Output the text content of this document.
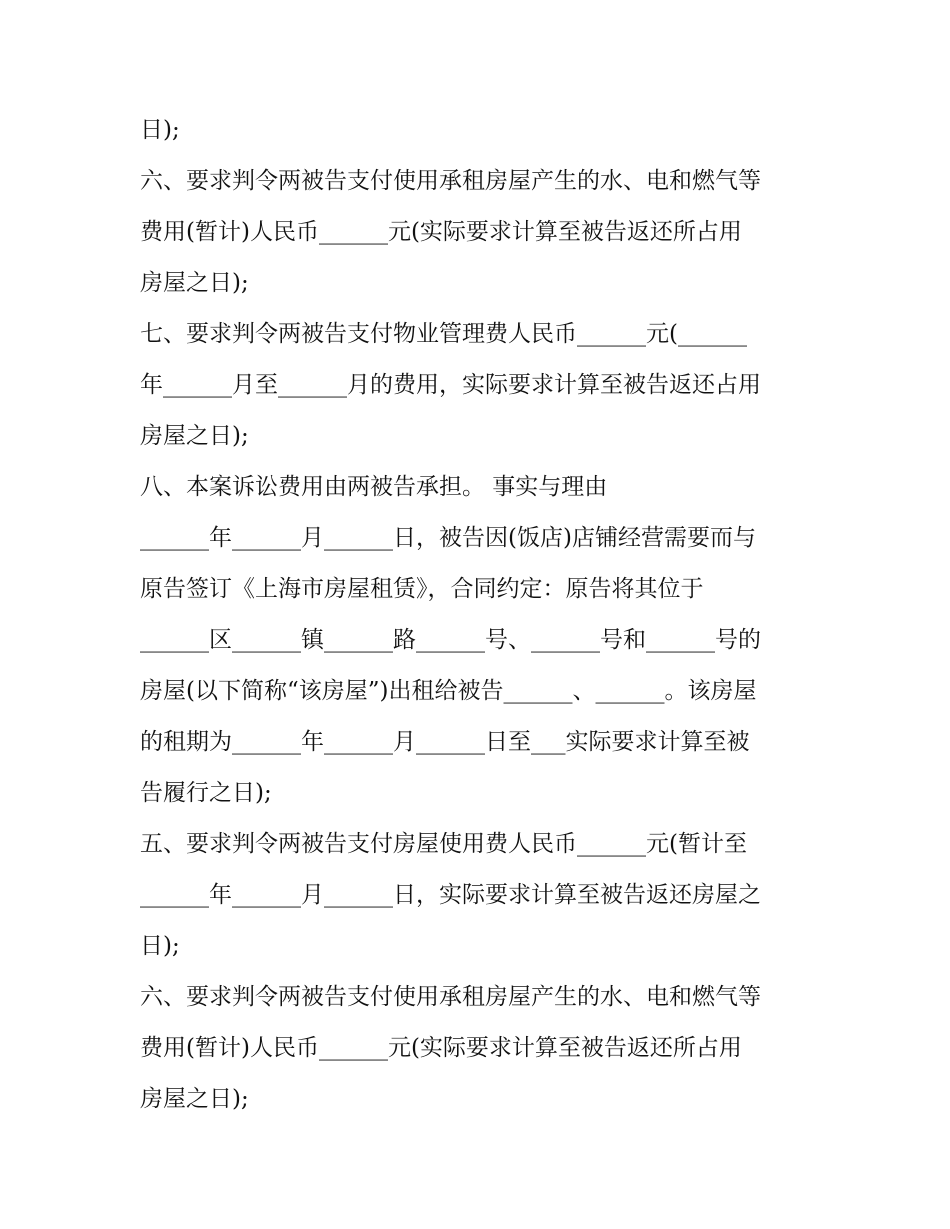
日);

六、要求判令两被告支付使用承租房屋产生的水、电和燃气等

费用(暂计)人民币______元(实际要求计算至被告返还所占用

房屋之日);

七、要求判令两被告支付物业管理费人民币______元(______

年______月至______月的费用，实际要求计算至被告返还占用

房屋之日);

八、本案诉讼费用由两被告承担。 事实与理由

______年______月______日，被告因(饭店)店铺经营需要而与

原告签订《上海市房屋租赁》，合同约定：原告将其位于

______区______镇______路______号、______号和______号的

房屋(以下简称“该房屋”)出租给被告______、______。该房屋

的租期为______年______月______日至___实际要求计算至被

告履行之日);

五、要求判令两被告支付房屋使用费人民币______元(暂计至

______年______月______日，实际要求计算至被告返还房屋之

日);

六、要求判令两被告支付使用承租房屋产生的水、电和燃气等

费用(暂计)人民币______元(实际要求计算至被告返还所占用

房屋之日);
